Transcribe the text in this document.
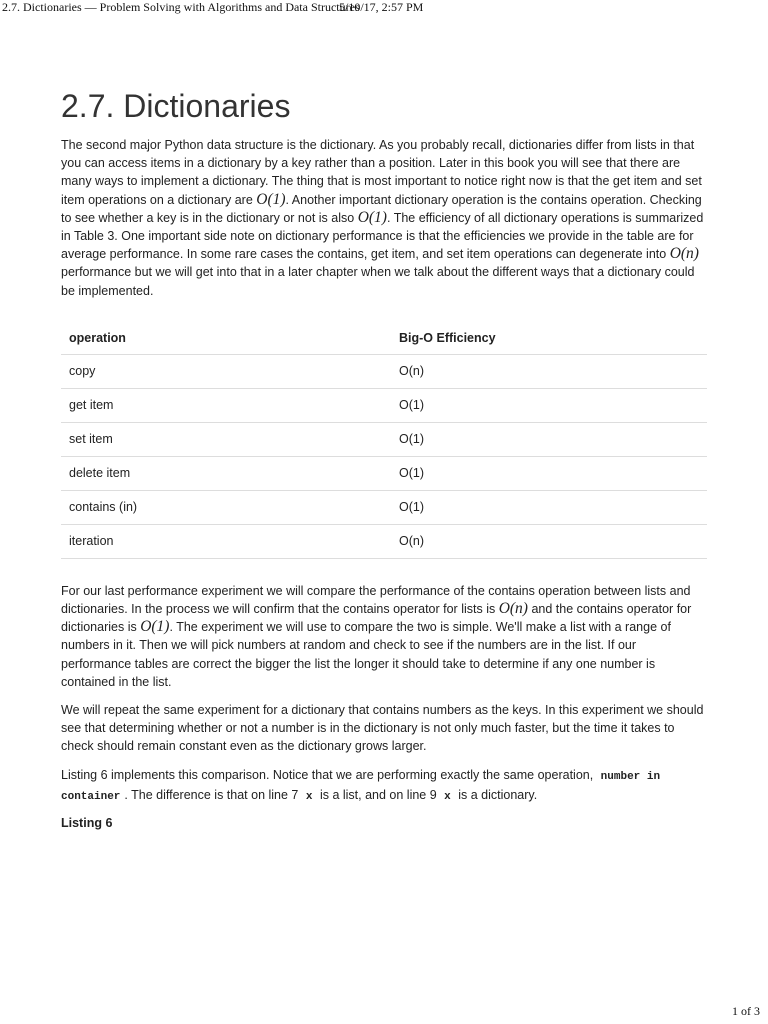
2.7. Dictionaries — Problem Solving with Algorithms and Data Structures
5/10/17, 2:57 PM
2.7. Dictionaries

The second major Python data structure is the dictionary. As you probably recall, dictionaries differ from lists in that you can access items in a dictionary by a key rather than a position. Later in this book you will see that there are many ways to implement a dictionary. The thing that is most important to notice right now is that the get item and set item operations on a dictionary are O(1). Another important dictionary operation is the contains operation. Checking to see whether a key is in the dictionary or not is also O(1). The efficiency of all dictionary operations is summarized in Table 3. One important side note on dictionary performance is that the efficiencies we provide in the table are for average performance. In some rare cases the contains, get item, and set item operations can degenerate into O(n) performance but we will get into that in a later chapter when we talk about the different ways that a dictionary could be implemented.

operation	Big-O Efficiency
copy	O(n)
get item	O(1)
set item	O(1)
delete item	O(1)
contains (in)	O(1)
iteration	O(n)

For our last performance experiment we will compare the performance of the contains operation between lists and dictionaries. In the process we will confirm that the contains operator for lists is O(n) and the contains operator for dictionaries is O(1). The experiment we will use to compare the two is simple. We'll make a list with a range of numbers in it. Then we will pick numbers at random and check to see if the numbers are in the list. If our performance tables are correct the bigger the list the longer it should take to determine if any one number is contained in the list.

We will repeat the same experiment for a dictionary that contains numbers as the keys. In this experiment we should see that determining whether or not a number is in the dictionary is not only much faster, but the time it takes to check should remain constant even as the dictionary grows larger.

Listing 6 implements this comparison. Notice that we are performing exactly the same operation, number in container . The difference is that on line 7 x is a list, and on line 9 x is a dictionary.

Listing 6
1 of 3
